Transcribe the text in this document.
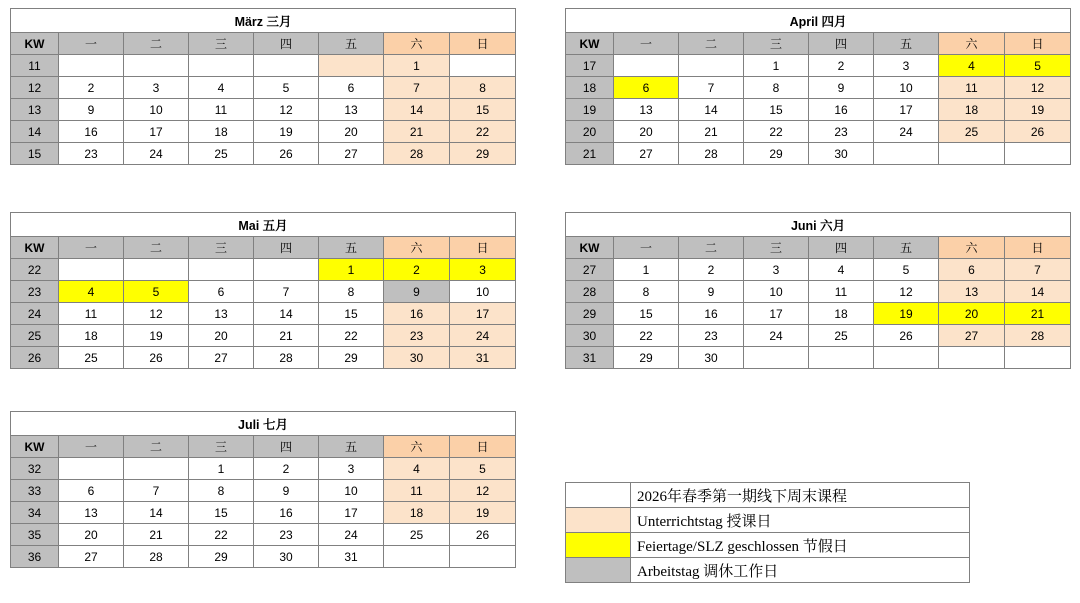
März 三月							
KW	一	二	三	四	五	六	日
11						1	
12	2	3	4	5	6	7	8
13	9	10	11	12	13	14	15
14	16	17	18	19	20	21	22
15	23	24	25	26	27	28	29
April 四月							
KW	一	二	三	四	五	六	日
17			1	2	3	4	5
18	6	7	8	9	10	11	12
19	13	14	15	16	17	18	19
20	20	21	22	23	24	25	26
21	27	28	29	30			
Mai 五月							
KW	一	二	三	四	五	六	日
22					1	2	3
23	4	5	6	7	8	9	10
24	11	12	13	14	15	16	17
25	18	19	20	21	22	23	24
26	25	26	27	28	29	30	31
Juni 六月							
KW	一	二	三	四	五	六	日
27	1	2	3	4	5	6	7
28	8	9	10	11	12	13	14
29	15	16	17	18	19	20	21
30	22	23	24	25	26	27	28
31	29	30					
Juli 七月							
KW	一	二	三	四	五	六	日
32			1	2	3	4	5
33	6	7	8	9	10	11	12
34	13	14	15	16	17	18	19
35	20	21	22	23	24	25	26
36	27	28	29	30	31		
	2026年春季第一期线下周末课程
	Unterrichtstag 授课日
	Feiertage/SLZ geschlossen 节假日
	Arbeitstag 调休工作日
